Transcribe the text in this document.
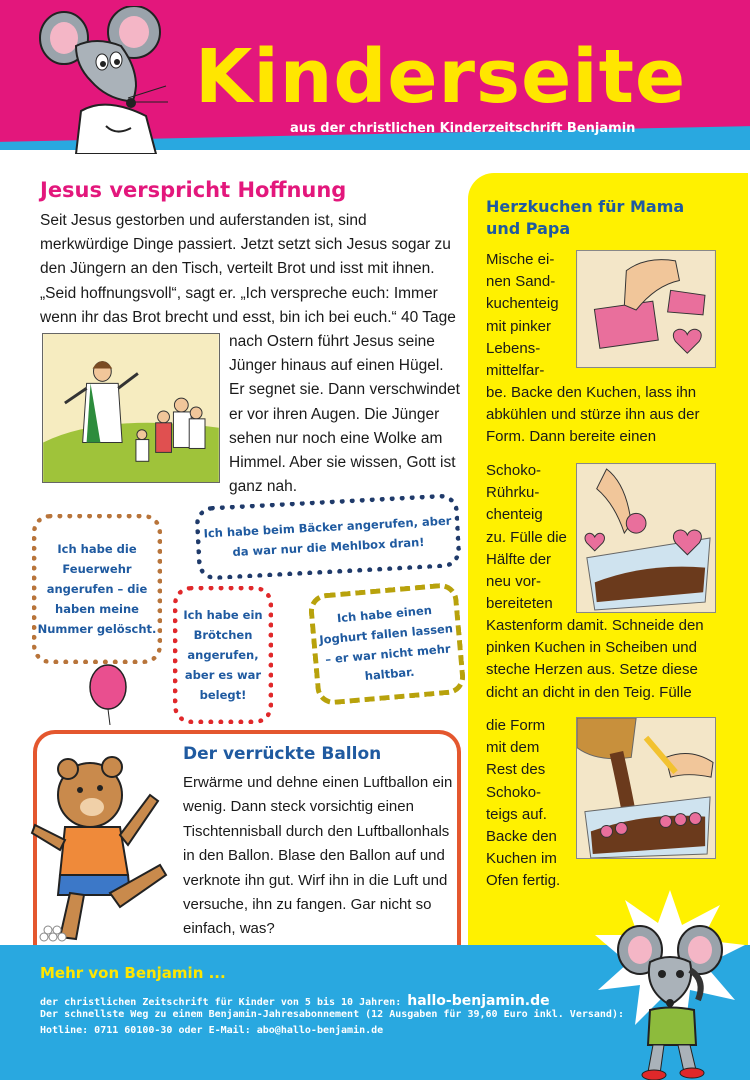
Kinderseite
aus der christlichen Kinderzeitschrift Benjamin
Jesus verspricht Hoffnung

Seit Jesus gestorben und auferstanden ist, sind merkwürdige Dinge passiert. Jetzt setzt sich Jesus sogar zu den Jüngern an den Tisch, verteilt Brot und isst mit ihnen. „Seid hoffnungsvoll“, sagt er. „Ich verspreche euch: Immer wenn ihr das Brot brecht und esst, bin ich bei euch.“ 40 Tage

nach Ostern führt Jesus seine Jünger hinaus auf einen Hügel. Er segnet sie. Dann verschwindet er vor ihren Augen. Die Jünger sehen nur noch eine Wolke am Himmel. Aber sie wissen, Gott ist ganz nah.

Ich habe die Feuerwehr angerufen – die haben meine Nummer gelöscht.
Ich habe beim Bäcker angerufen, aber da war nur die Mehlbox dran!
Ich habe ein Brötchen angerufen, aber es war belegt!
Ich habe einen Joghurt fallen lassen – er war nicht mehr haltbar.
Der verrückte Ballon

Erwärme und dehne einen Luftballon ein wenig. Dann steck vorsichtig einen Tischtennisball durch den Luftballonhals in den Ballon. Blase den Ballon auf und verknote ihn gut. Wirf ihn in die Luft und versuche, ihn zu fangen. Gar nicht so einfach, was?

Herzkuchen für Mama und Papa

Mische ei-
nen Sand-
kuchenteig
mit pinker
Lebens-
mittelfar-

be. Backe den Kuchen, lass ihn abkühlen und stürze ihn aus der Form. Dann bereite einen

Schoko-
Rührku-
chenteig
zu. Fülle die
Hälfte der
neu vor-
bereiteten

Kastenform damit. Schneide den pinken Kuchen in Scheiben und steche Herzen aus. Setze diese dicht an dicht in den Teig. Fülle

die Form
mit dem
Rest des
Schoko-
teigs auf.
Backe den
Kuchen im
Ofen fertig.

Mehr von Benjamin ...
der christlichen Zeitschrift für Kinder von 5 bis 10 Jahren: hallo-benjamin.de
Der schnellste Weg zu einem Benjamin-Jahresabonnement (12 Ausgaben für 39,60 Euro inkl. Versand):
Hotline: 0711 60100-30 oder E-Mail: abo@hallo-benjamin.de
